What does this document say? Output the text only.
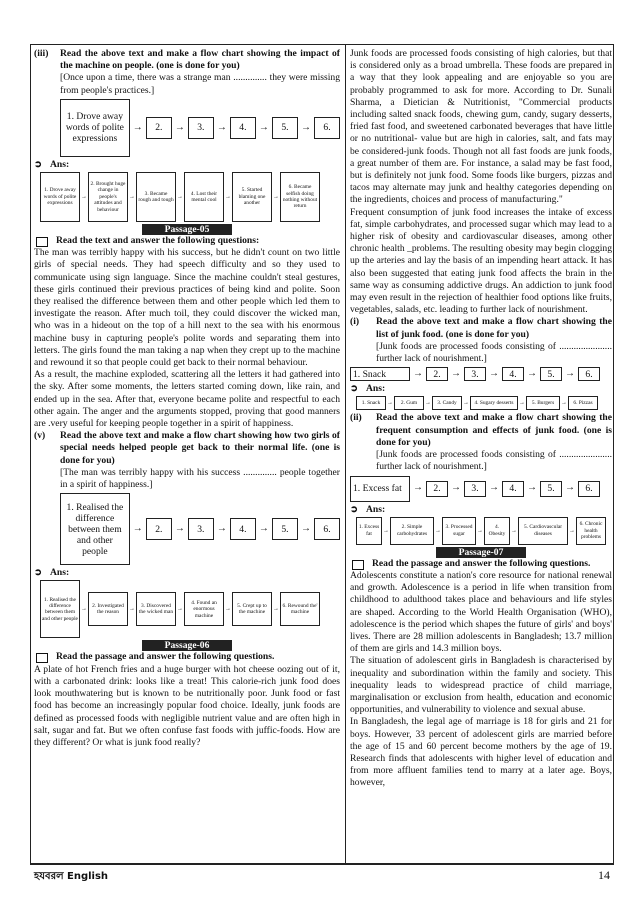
(iii)	Read the above text and make a flow chart showing the impact of the machine on people. (one is done for you)

[Once upon a time, there was a strange man .............. they were missing from people's practices.]

1. Drove away words of polite expressions
→	2.	→	3.	→	4.	→	5.	→	6.
➲ Ans:
1. Drove away words of polite expressions
→
2. Brought huge change in people's attitudes and behaviour
→
3. Became rough and tough
→
4. Lost their mental cool
→
5. Started blaming one another
→
6. Became selfish doing nothing without return
Passage-05
Read the text and answer the following questions:

The man was terribly happy with his success, but he didn't count on two little girls of special needs. They had speech difficulty and so they used to communicate using sign language. Since the machine couldn't steal gestures, these girls continued their previous practices of being kind and polite. Soon they realised the difference between them and other people which led them to investigate the reason. After much toil, they could discover the wicked man, who was in a hideout on the top of a hill next to the sea with his enormous machine busy in capturing people's polite words and separating them into letters. The girls found the man taking a nap when they crept up to the machine and rewound it so that people could get back to their normal behaviour.

As a result, the machine exploded, scattering all the letters it had gathered into the sky. After some moments, the letters started coming down, like rain, and ended up in the sea. After that, everyone became polite and respectful to each other again. The anger and the arguments stopped, proving that good manners are .very useful for keeping people together in a spirit of happiness.

(v)	Read the above text and make a flow chart showing how two girls of special needs helped people get back to their normal life. (one is done for you)

[The man was terribly happy with his success .............. people together in a spirit of happiness.]

1. Realised the difference between them and other people
→	2.	→	3.	→	4.	→	5.	→	6.
➲ Ans:
1. Realised the difference between them and other people
→
2. Investigated the reason
→
3. Discovered the wicked man
→
4. Found an enormous machine
→
5. Crept up to the machine
→
6. Rewound the' machine
Passage-06
Read the passage and answer the following questions.

A plate of hot French fries and a huge burger with hot cheese oozing out of it, with a carbonated drink: looks like a treat! This calorie-rich junk food does look mouthwatering but is known to be nutritionally poor. Junk food or fast food has become an increasingly popular food choice. Ideally, junk foods are defined as processed foods with negligible nutrient value and are often high in salt, sugar and fat. But we often confuse fast foods with juffic-foods. How are they different? Or what is junk food really?

Junk foods are processed foods consisting of high calories, but that is considered only as a broad umbrella. These foods are prepared in a way that they look appealing and are enjoyable so you are probably programmed to ask for more. According to Dr. Sunali Sharma, a Dietician & Nutritionist, "Commercial products including salted snack foods, chewing gum, candy, sugary desserts, fried fast food, and sweetened carbonated beverages that have little or no nutritional- value but are high in calories, salt, and fats may be considered-junk foods. Though not all fast foods are junk foods, a great number of them are. For instance, a salad may be fast food, but is definitely not junk food. Some foods like burgers, pizzas and tacos may alternate may junk and healthy categories depending on the ingredients, choices and process of manufacturing."

Frequent consumption of junk food increases the intake of excess fat, simple carbohydrates, and processed sugar which may lead to a higher risk of obesity and cardiovascular diseases, among other chronic health _problems. The resulting obesity may begin clogging up the arteries and lay the basis of an impending heart attack. It has also been suggested that eating junk food affects the brain in the same way as consuming addictive drugs. An addiction to junk food may even result in the rejection of healthier food options like fruits, vegetables, salads, etc. leading to further lack of nourishment.

(i)	Read the above text and make a flow chart showing the list of junk food. (one is done for you)

[Junk foods are processed foods consisting of ...................... further lack of nourishment.]

1. Snack	→	2.	→	3.	→	4.	→	5.	→	6.
➲ Ans:
1. Snack	→	2. Gum	→	3. Candy	→	4. Sugary desserts →	5. Burgers	→	6. Pizzas
(ii)	Read the above text and make a flow chart showing the frequent consumption and effects of junk food. (one is done for you)

[Junk foods are processed foods consisting of ...................... further lack of nourishment.]

1. Excess fat	→	2.	→	3.	→	4.	→	5.	→	6.
➲ Ans:
1. Excess fat
→
2. Simple carbohydrates
→
3. Processed sugar
→
4. Obesity
→
5. Cardiovascular diseases
→
6. Chronic health problems
Passage-07
Read the passage and answer the following questions.

Adolescents constitute a nation's core resource for national renewal and growth. Adolescence is a period in life when transition from childhood to adulthood takes place and behaviours and life styles are shaped. According to the World Health Organisation (WHO), adolescence is the period which shapes the future of girls' and boys' lives. There are 28 million adolescents in Bangladesh; 13.7 million of them are girls and 14.3 million boys.

The situation of adolescent girls in Bangladesh is characterised by inequality and subordination within the family and society. This inequality leads to widespread practice of child marriage, marginalisation or exclusion from health, education and economic opportunities, and vulnerability to violence and sexual abuse.

In Bangladesh, the legal age of marriage is 18 for girls and 21 for boys. However, 33 percent of adolescent girls are married before the age of 15 and 60 percent become mothers by the age of 19. Research finds that adolescents with higher level of education and from more affluent families tend to marry at a later age. Boys, however,

হযবরল English	14
